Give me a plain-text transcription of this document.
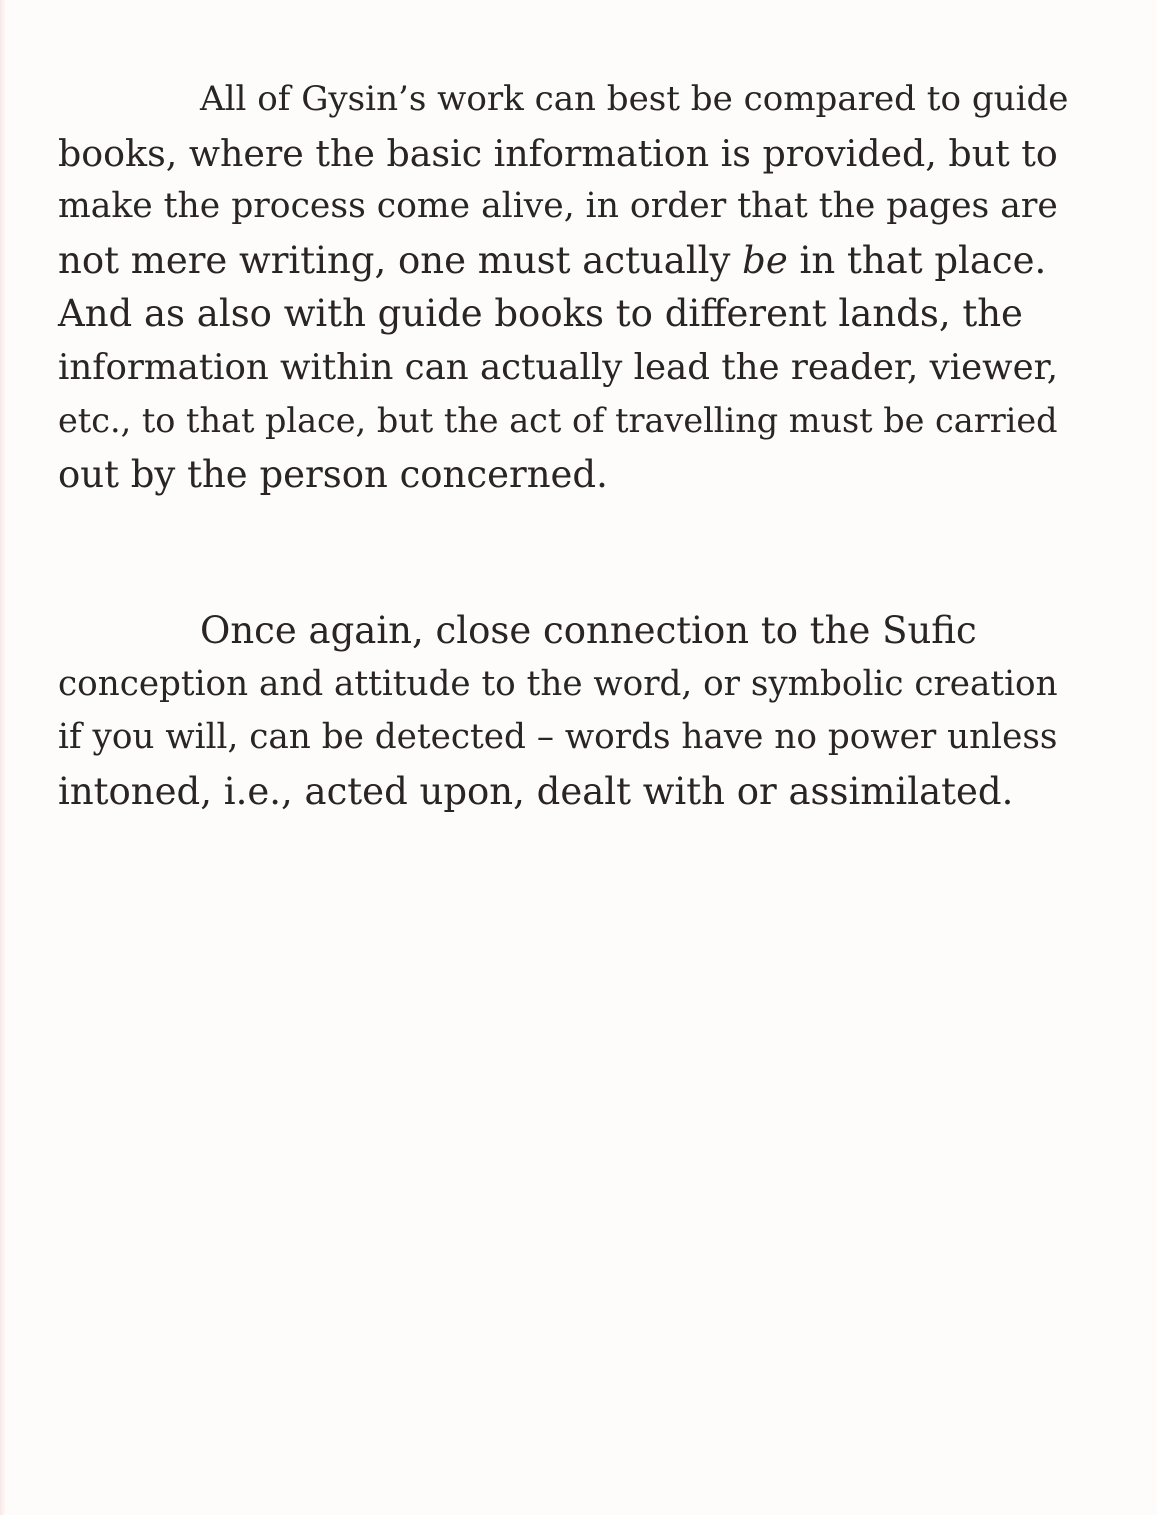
All of Gysin’s work can best be compared to guide
books, where the basic information is provided, but to
make the process come alive, in order that the pages are
not mere writing, one must actually be in that place.
And as also with guide books to different lands, the
information within can actually lead the reader, viewer,
etc., to that place, but the act of travelling must be carried
out by the person concerned.
Once again, close connection to the Sufic
conception and attitude to the word, or symbolic creation
if you will, can be detected – words have no power unless
intoned, i.e., acted upon, dealt with or assimilated.
